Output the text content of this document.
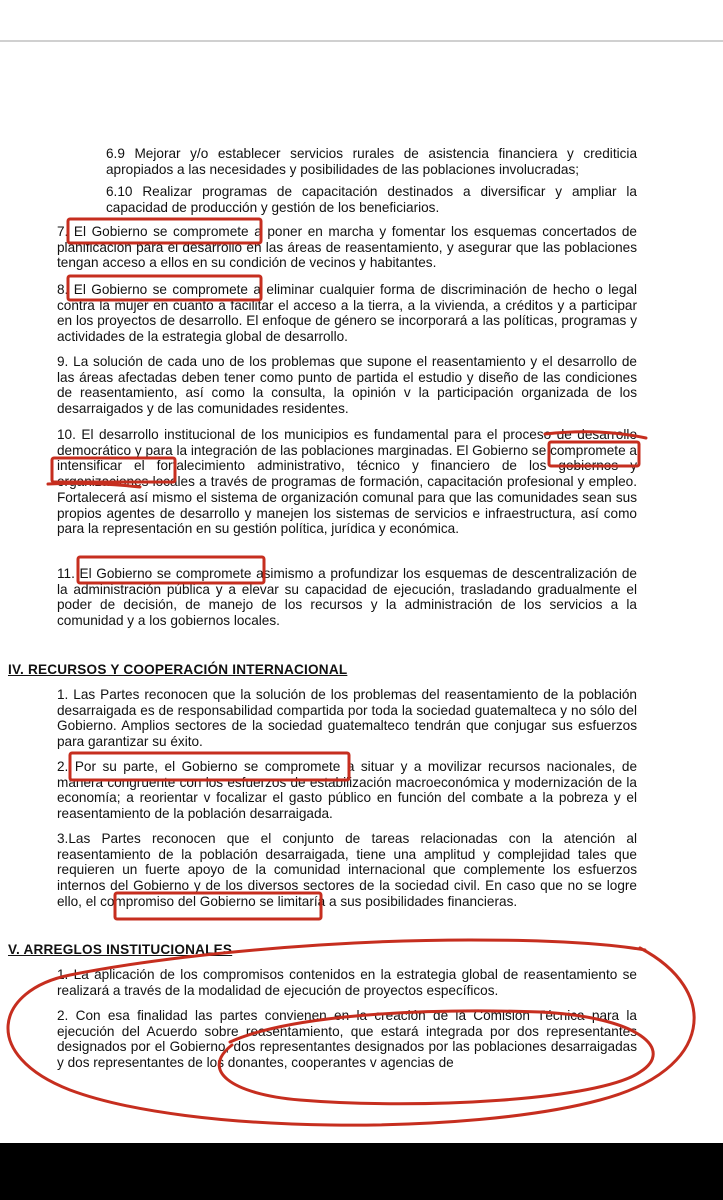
6.9 Mejorar y/o establecer servicios rurales de asistencia financiera y crediticia apropiados a las necesidades y posibilidades de las poblaciones involucradas;

6.10 Realizar programas de capacitación destinados a diversificar y ampliar la capacidad de producción y gestión de los beneficiarios.

7. El Gobierno se compromete a poner en marcha y fomentar los esquemas concertados de planificación para el desarrollo en las áreas de reasentamiento, y asegurar que las poblaciones tengan acceso a ellos en su condición de vecinos y habitantes.

8. El Gobierno se compromete a eliminar cualquier forma de discriminación de hecho o legal contra la mujer en cuanto a facilitar el acceso a la tierra, a la vivienda, a créditos y a participar en los proyectos de desarrollo. El enfoque de género se incorporará a las políticas, programas y actividades de la estrategia global de desarrollo.

9. La solución de cada uno de los problemas que supone el reasentamiento y el desarrollo de las áreas afectadas deben tener como punto de partida el estudio y diseño de las condiciones de reasentamiento, así como la consulta, la opinión v la participación organizada de los desarraigados y de las comunidades residentes.

10. El desarrollo institucional de los municipios es fundamental para el proceso de desarrollo democrático y para la integración de las poblaciones marginadas. El Gobierno se compromete a intensificar el fortalecimiento administrativo, técnico y financiero de los gobiernos y organizaciones locales a través de programas de formación, capacitación profesional y empleo. Fortalecerá así mismo el sistema de organización comunal para que las comunidades sean sus propios agentes de desarrollo y manejen los sistemas de servicios e infraestructura, así como para la representación en su gestión política, jurídica y económica.

11. El Gobierno se compromete asimismo a profundizar los esquemas de descentralización de la administración pública y a elevar su capacidad de ejecución, trasladando gradualmente el poder de decisión, de manejo de los recursos y la administración de los servicios a la comunidad y a los gobiernos locales.

IV. RECURSOS Y COOPERACIÓN INTERNACIONAL

1. Las Partes reconocen que la solución de los problemas del reasentamiento de la población desarraigada es de responsabilidad compartida por toda la sociedad guatemalteca y no sólo del Gobierno. Amplios sectores de la sociedad guatemalteco tendrán que conjugar sus esfuerzos para garantizar su éxito.

2. Por su parte, el Gobierno se compromete a situar y a movilizar recursos nacionales, de manera congruente con los esfuerzos de estabilización macroeconómica y modernización de la economía; a reorientar v focalizar el gasto público en función del combate a la pobreza y el reasentamiento de la población desarraigada.

3.Las Partes reconocen que el conjunto de tareas relacionadas con la atención al reasentamiento de la población desarraigada, tiene una amplitud y complejidad tales que requieren un fuerte apoyo de la comunidad internacional que complemente los esfuerzos internos del Gobierno y de los diversos sectores de la sociedad civil. En caso que no se logre ello, el compromiso del Gobierno se limitaría a sus posibilidades financieras.

V. ARREGLOS INSTITUCIONALES

1. La aplicación de los compromisos contenidos en la estrategia global de reasentamiento se realizará a través de la modalidad de ejecución de proyectos específicos.

2. Con esa finalidad las partes convienen en la creación de la Comisión Técnica para la ejecución del Acuerdo sobre reasentamiento, que estará integrada por dos representantes designados por el Gobierno, dos representantes designados por las poblaciones desarraigadas y dos representantes de los donantes, cooperantes v agencias de
